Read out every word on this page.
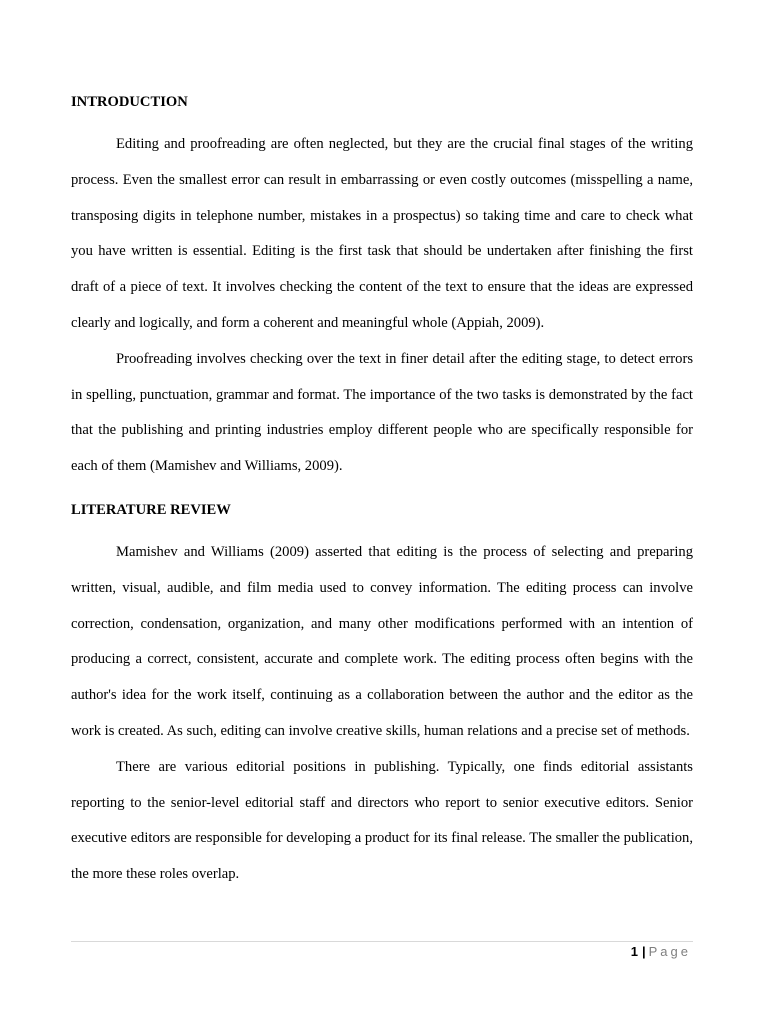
INTRODUCTION

Editing and proofreading are often neglected, but they are the crucial final stages of the writing process. Even the smallest error can result in embarrassing or even costly outcomes (misspelling a name, transposing digits in telephone number, mistakes in a prospectus) so taking time and care to check what you have written is essential. Editing is the first task that should be undertaken after finishing the first draft of a piece of text. It involves checking the content of the text to ensure that the ideas are expressed clearly and logically, and form a coherent and meaningful whole (Appiah, 2009).

Proofreading involves checking over the text in finer detail after the editing stage, to detect errors in spelling, punctuation, grammar and format. The importance of the two tasks is demonstrated by the fact that the publishing and printing industries employ different people who are specifically responsible for each of them (Mamishev and Williams, 2009).

LITERATURE REVIEW

Mamishev and Williams (2009) asserted that editing is the process of selecting and preparing written, visual, audible, and film media used to convey information. The editing process can involve correction, condensation, organization, and many other modifications performed with an intention of producing a correct, consistent, accurate and complete work. The editing process often begins with the author's idea for the work itself, continuing as a collaboration between the author and the editor as the work is created. As such, editing can involve creative skills, human relations and a precise set of methods.

There are various editorial positions in publishing. Typically, one finds editorial assistants reporting to the senior-level editorial staff and directors who report to senior executive editors. Senior executive editors are responsible for developing a product for its final release. The smaller the publication, the more these roles overlap.

1 | Page
